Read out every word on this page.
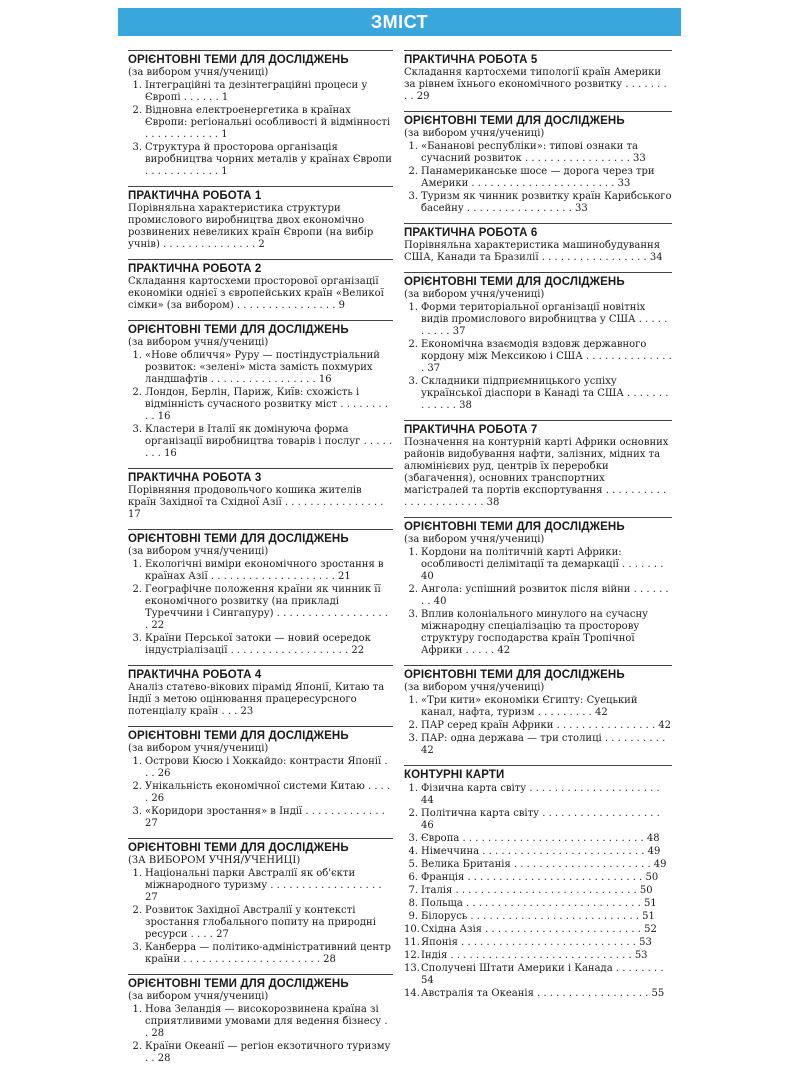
ЗМІСТ
ОРІЄНТОВНІ ТЕМИ ДЛЯ ДОСЛІДЖЕНЬ
(за вибором учня/учениці)
1. Інтеграційні та дезінтеграційні процеси у Європі . . . . . . 1
2. Відновна електроенергетика в країнах Європи: регіональні особливості й відмінності . . . . . . . . . . . . 1
3. Структура й просторова організація виробництва чорних металів у країнах Європи . . . . . . . . . . . . 1
ПРАКТИЧНА РОБОТА 1
Порівняльна характеристика структури промислового виробництва двох економічно розвинених невеликих країн Європи (на вибір учнів) . . . . . . . . . . . . . . . 2
ПРАКТИЧНА РОБОТА 2
Складання картосхеми просторової організації економіки однієї з європейських країн «Великої сімки» (за вибором) . . . . . . . . . . . . . . . . 9
ОРІЄНТОВНІ ТЕМИ ДЛЯ ДОСЛІДЖЕНЬ
(за вибором учня/учениці)
1. «Нове обличчя» Руру — постіндустріальний розвиток: «зелені» міста замість похмурих ландшафтів . . . . . . . . . . . . . . . . . 16
2. Лондон, Берлін, Париж, Київ: схожість і відмінність сучасного розвитку міст . . . . . . . . . . 16
3. Кластери в Італії як домінуюча форма організації виробництва товарів і послуг . . . . . . . . 16
ПРАКТИЧНА РОБОТА 3
Порівняння продовольчого кошика жителів країн Західної та Східної Азії . . . . . . . . . . . . . . . . 17
ОРІЄНТОВНІ ТЕМИ ДЛЯ ДОСЛІДЖЕНЬ
(за вибором учня/учениці)
1. Екологічні виміри економічного зростання в країнах Азії . . . . . . . . . . . . . . . . . . . . 21
2. Географічне положення країни як чинник її економічного розвитку (на прикладі Туреччини і Сингапуру) . . . . . . . . . . . . . . . . . . . 22
3. Країни Перської затоки — новий осередок індустріалізації . . . . . . . . . . . . . . . . . . . 22
ПРАКТИЧНА РОБОТА 4
Аналіз статево-вікових пірамід Японії, Китаю та Індії з метою оцінювання працересурсного потенціалу країн . . . 23
ОРІЄНТОВНІ ТЕМИ ДЛЯ ДОСЛІДЖЕНЬ
(за вибором учня/учениці)
1. Острови Кюсю і Хоккайдо: контрасти Японії . . . 26
2. Унікальність економічної системи Китаю . . . . . 26
3. «Коридори зростання» в Індії . . . . . . . . . . . . . 27
ОРІЄНТОВНІ ТЕМИ ДЛЯ ДОСЛІДЖЕНЬ
(ЗА ВИБОРОМ УЧНЯ/УЧЕНИЦІ)
1. Національні парки Австралії як об'єкти міжнародного туризму . . . . . . . . . . . . . . . . . . 27
2. Розвиток Західної Австралії у контексті зростання глобального попиту на природні ресурси . . . . 27
3. Канберра — політико-адміністративний центр країни . . . . . . . . . . . . . . . . . . . . . . 28
ОРІЄНТОВНІ ТЕМИ ДЛЯ ДОСЛІДЖЕНЬ
(за вибором учня/учениці)
1. Нова Зеландія — високорозвинена країна зі сприятливими умовами для ведення бізнесу . . 28
2. Країни Океанії — регіон екзотичного туризму . . 28
ПРАКТИЧНА РОБОТА 5
Складання картосхеми типології країн Америки за рівнем їхнього економічного розвитку . . . . . . . . . 29
ОРІЄНТОВНІ ТЕМИ ДЛЯ ДОСЛІДЖЕНЬ
(за вибором учня/учениці)
1. «Бананові республіки»: типові ознаки та сучасний розвиток . . . . . . . . . . . . . . . . . 33
2. Панамериканське шосе — дорога через три Америки . . . . . . . . . . . . . . . . . . . . . . . 33
3. Туризм як чинник розвитку країн Карибського басейну . . . . . . . . . . . . . . . . . 33
ПРАКТИЧНА РОБОТА 6
Порівняльна характеристика машинобудування США, Канади та Бразилії . . . . . . . . . . . . . . . . . 34
ОРІЄНТОВНІ ТЕМИ ДЛЯ ДОСЛІДЖЕНЬ
(за вибором учня/учениці)
1. Форми територіальної організації новітніх видів промислового виробництва у США . . . . . . . . . . 37
2. Економічна взаємодія вздовж державного кордону між Мексикою і США . . . . . . . . . . . . . . . 37
3. Складники підприємницького успіху української діаспори в Канаді та США . . . . . . . . . . . . . 38
ПРАКТИЧНА РОБОТА 7
Позначення на контурній карті Африки основних районів видобування нафти, залізних, мідних та алюмінієвих руд, центрів їх переробки (збагачення), основних транспортних магістралей та портів експортування . . . . . . . . . . . . . . . . . . . . . . . 38
ОРІЄНТОВНІ ТЕМИ ДЛЯ ДОСЛІДЖЕНЬ
(за вибором учня/учениці)
1. Кордони на політичній карті Африки: особливості делімітації та демаркації . . . . . . . 40
2. Ангола: успішний розвиток після війни . . . . . . . . 40
3. Вплив колоніального минулого на сучасну міжнародну спеціалізацію та просторову структуру господарства країн Тропічної Африки . . . . . 42
ОРІЄНТОВНІ ТЕМИ ДЛЯ ДОСЛІДЖЕНЬ
(за вибором учня/учениці)
1. «Три кити» економіки Єгипту: Суецький канал, нафта, туризм . . . . . . . . . 42
2. ПАР серед країн Африки . . . . . . . . . . . . . . . . 42
3. ПАР: одна держава — три столиці . . . . . . . . . . 42
КОНТУРНІ КАРТИ
1. Фізична карта світу . . . . . . . . . . . . . . . . . . . . . 44
2. Політична карта світу . . . . . . . . . . . . . . . . . . . 46
3. Європа . . . . . . . . . . . . . . . . . . . . . . . . . . . . . 48
4. Німеччина . . . . . . . . . . . . . . . . . . . . . . . . . . 49
5. Велика Британія . . . . . . . . . . . . . . . . . . . . . . 49
6. Франція . . . . . . . . . . . . . . . . . . . . . . . . . . . . 50
7. Італія . . . . . . . . . . . . . . . . . . . . . . . . . . . . . 50
8. Польща . . . . . . . . . . . . . . . . . . . . . . . . . . . . 51
9. Білорусь . . . . . . . . . . . . . . . . . . . . . . . . . . . 51
10. Східна Азія . . . . . . . . . . . . . . . . . . . . . . . . . 52
11. Японія . . . . . . . . . . . . . . . . . . . . . . . . . . . . 53
12. Індія . . . . . . . . . . . . . . . . . . . . . . . . . . . . . 53
13. Сполучені Штати Америки і Канада . . . . . . . . 54
14. Австралія та Океанія . . . . . . . . . . . . . . . . . . 55
